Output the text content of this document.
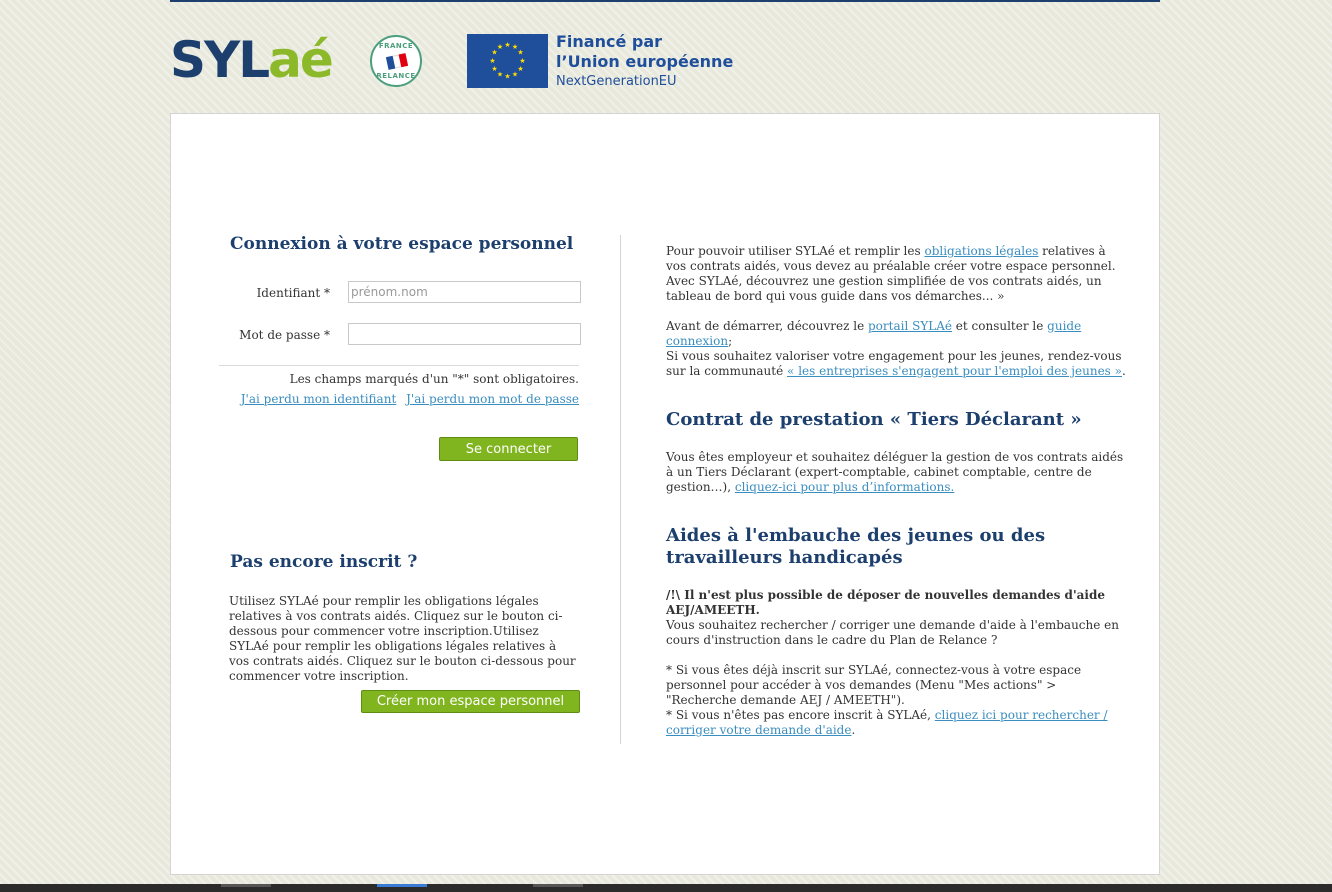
SYLaé	FRANCE
RELANCE
★ ★
★
★
★
★
★
★
★
★
★
★	Financé par
l’Union européenne
NextGenerationEU
Connexion à votre espace personnel
Identifiant *
prénom.nom
Mot de passe *
Les champs marqués d'un "*" sont obligatoires.
J'ai perdu mon identifiant J'ai perdu mon mot de passe
Se connecter
Pas encore inscrit ?

Utilisez SYLAé pour remplir les obligations légales relatives à vos contrats aidés. Cliquez sur le bouton ci-dessous pour commencer votre inscription.Utilisez SYLAé pour remplir les obligations légales relatives à vos contrats aidés. Cliquez sur le bouton ci-dessous pour commencer votre inscription.

Créer mon espace personnel

Pour pouvoir utiliser SYLAé et remplir les obligations légales relatives à vos contrats aidés, vous devez au préalable créer votre espace personnel. Avec SYLAé, découvrez une gestion simplifiée de vos contrats aidés, un tableau de bord qui vous guide dans vos démarches... »

Avant de démarrer, découvrez le portail SYLAé et consulter le guide connexion;

Si vous souhaitez valoriser votre engagement pour les jeunes, rendez-vous sur la communauté « les entreprises s'engagent pour l'emploi des jeunes ».

Contrat de prestation « Tiers Déclarant »

Vous êtes employeur et souhaitez déléguer la gestion de vos contrats aidés à un Tiers Déclarant (expert-comptable, cabinet comptable, centre de gestion…), cliquez-ici pour plus d’informations.

Aides à l'embauche des jeunes ou des travailleurs handicapés

/!\ Il n'est plus possible de déposer de nouvelles demandes d'aide AEJ/AMEETH.

Vous souhaitez rechercher / corriger une demande d'aide à l'embauche en cours d'instruction dans le cadre du Plan de Relance ?

* Si vous êtes déjà inscrit sur SYLAé, connectez-vous à votre espace personnel pour accéder à vos demandes (Menu "Mes actions" > "Recherche demande AEJ / AMEETH").

* Si vous n'êtes pas encore inscrit à SYLAé, cliquez ici pour rechercher / corriger votre demande d'aide.
